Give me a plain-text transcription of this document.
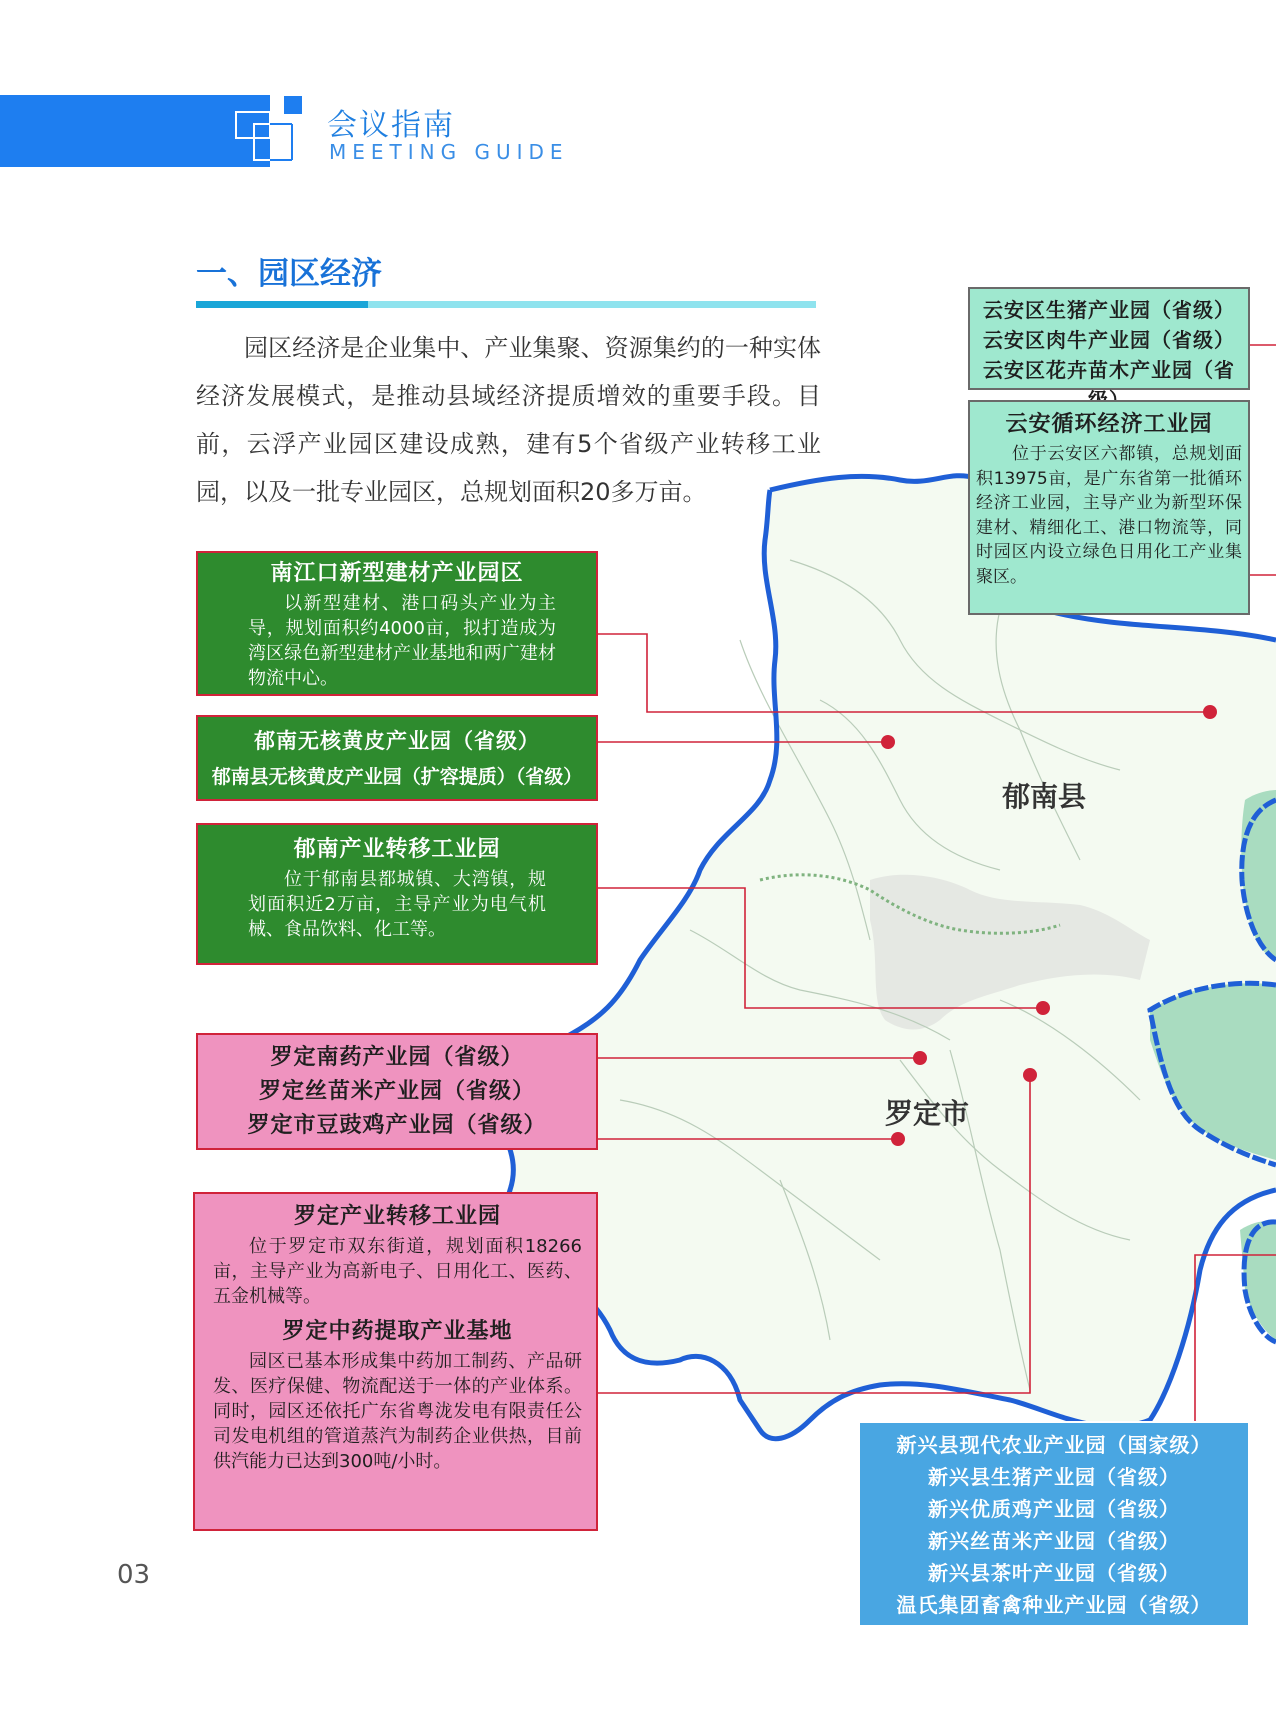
会议指南
MEETING GUIDE
一、园区经济
园区经济是企业集中、产业集聚、资源集约的一种实体经济发展模式，是推动县域经济提质增效的重要手段。目前，云浮产业园区建设成熟，建有5个省级产业转移工业园，以及一批专业园区，总规划面积20多万亩。
郁南县
罗定市
云安区生猪产业园（省级）
云安区肉牛产业园（省级）
云安区花卉苗木产业园（省
云安循环经济工业园
位于云安区六都镇，总规划面积13975亩，是广东省第一批循环经济工业园，主导产业为新型环保建材、精细化工、港口物流等，同时园区内设立绿色日用化工产业集聚区。
南江口新型建材产业园区
以新型建材、港口码头产业为主导，规划面积约4000亩，拟打造成为湾区绿色新型建材产业基地和两广建材物流中心。
郁南无核黄皮产业园（省级）
郁南县无核黄皮产业园（扩容提质）（省级）
郁南产业转移工业园
位于郁南县都城镇、大湾镇，规划面积近2万亩，主导产业为电气机械、食品饮料、化工等。
罗定南药产业园（省级）
罗定丝苗米产业园（省级）
罗定市豆豉鸡产业园（省级）
罗定产业转移工业园
位于罗定市双东街道，规划面积18266亩，主导产业为高新电子、日用化工、医药、五金机械等。
罗定中药提取产业基地
园区已基本形成集中药加工制药、产品研发、医疗保健、物流配送于一体的产业体系。同时，园区还依托广东省粤泷发电有限责任公司发电机组的管道蒸汽为制药企业供热，目前供汽能力已达到300吨/小时。
新兴县现代农业产业园（国家级）
新兴县生猪产业园（省级）
新兴优质鸡产业园（省级）
新兴丝苗米产业园（省级）
新兴县茶叶产业园（省级）
温氏集团畜禽种业产业园（省级）
03
